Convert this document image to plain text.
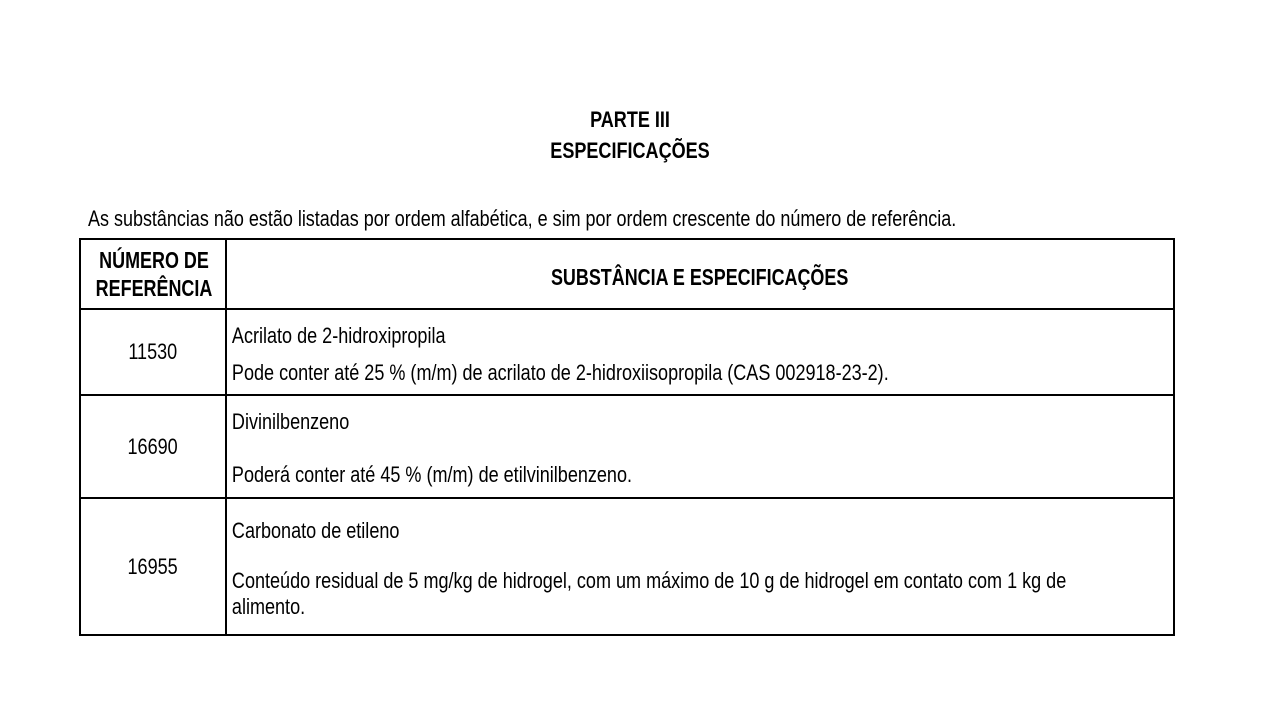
PARTE III
ESPECIFICAÇÕES
As substâncias não estão listadas por ordem alfabética, e sim por ordem crescente do número de referência.
NÚMERO DE REFERÊNCIA	SUBSTÂNCIA E ESPECIFICAÇÕES
11530	Acrilato de 2-hidroxipropila
Pode conter até 25 % (m/m) de acrilato de 2-hidroxiisopropila (CAS 002918-23-2).

16690	Divinilbenzeno
Poderá conter até 45 % (m/m) de etilvinilbenzeno.

16955	Carbonato de etileno
Conteúdo residual de 5 mg/kg de hidrogel, com um máximo de 10 g de hidrogel em contato com 1 kg de alimento.
